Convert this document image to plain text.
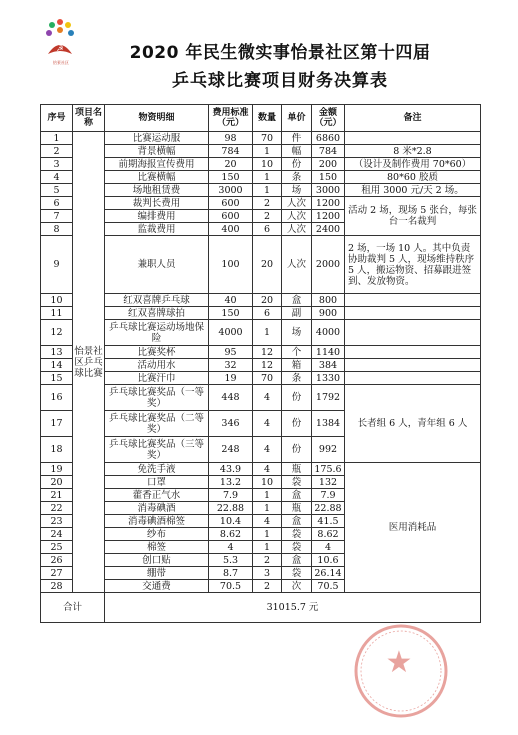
☭
怡景社区	2020 年民生微实事怡景社区第十四届
乒乓球比赛项目财务决算表
序号	项目名称	物资明细	费用标准（元）	数量	单价	金额（元）	备注
1	怡景社区乒乓球比赛	比赛运动服	98	70	件	6860	
2		背景横幅	784	1	幅	784	8 米*2.8
3		前期海报宣传费用	20	10	份	200	（设计及制作费用 70*60）
4		比赛横幅	150	1	条	150	80*60 胶质
5		场地租赁费	3000	1	场	3000	租用 3000 元/天 2 场。
6		裁判长费用	600	2	人次	1200	活动 2 场，现场 5 张台，每张台一名裁判
7		编排费用	600	2	人次	1200	
8		监裁费用	400	6	人次	2400	
9		兼职人员	100	20	人次	2000	2 场，一场 10 人。其中负责协助裁判 5 人，现场维持秩序 5 人，搬运物资、招募跟进签到、发放物资。
10		红双喜牌乒乓球	40	20	盒	800	
11		红双喜牌球拍	150	6	副	900	
12		乒乓球比赛运动场地保险	4000	1	场	4000	
13		比赛奖杯	95	12	个	1140	
14		活动用水	32	12	箱	384	
15		比赛汗巾	19	70	条	1330	
16		乒乓球比赛奖品（一等奖）	448	4	份	1792	长者组 6 人，青年组 6 人
17		乒乓球比赛奖品（二等奖）	346	4	份	1384	
18		乒乓球比赛奖品（三等奖）	248	4	份	992	
19		免洗手液	43.9	4	瓶	175.6	医用消耗品
20		口罩	13.2	10	袋	132	
21		藿香正气水	7.9	1	盒	7.9	
22		消毒碘酒	22.88	1	瓶	22.88	
23		消毒碘酒棉签	10.4	4	盒	41.5	
24		纱布	8.62	1	袋	8.62	
25		棉签	4	1	袋	4	
26		创口贴	5.3	2	盒	10.6	
27		绷带	8.7	3	袋	26.14	
28		交通费	70.5	2	次	70.5	
合计		31015.7 元					
★
